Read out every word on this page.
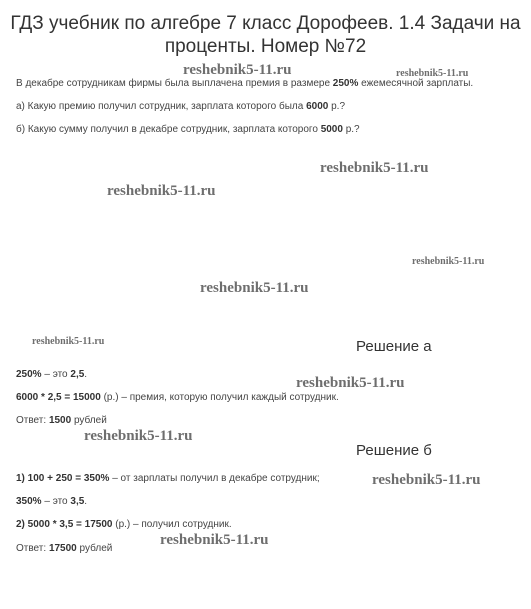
ГДЗ учебник по алгебре 7 класс Дорофеев. 1.4 Задачи на проценты. Номер №72

В декабре сотрудникам фирмы была выплачена премия в размере 250% ежемесячной зарплаты.

а) Какую премию получил сотрудник, зарплата которого была 6000 р.?

б) Какую сумму получил в декабре сотрудник, зарплата которого 5000 р.?

Решение а

250% – это 2,5.

6000 * 2,5 = 15000 (р.) – премия, которую получил каждый сотрудник.

Ответ: 1500 рублей

Решение б

1) 100 + 250 = 350% – от зарплаты получил в декабре сотрудник;

350% – это 3,5.

2) 5000 * 3,5 = 17500 (р.) – получил сотрудник.

Ответ: 17500 рублей

reshebnik5-11.ru	reshebnik5-11.ru
reshebnik5-11.ru
reshebnik5-11.ru
reshebnik5-11.ru
reshebnik5-11.ru
reshebnik5-11.ru
reshebnik5-11.ru
reshebnik5-11.ru
reshebnik5-11.ru
reshebnik5-11.ru
